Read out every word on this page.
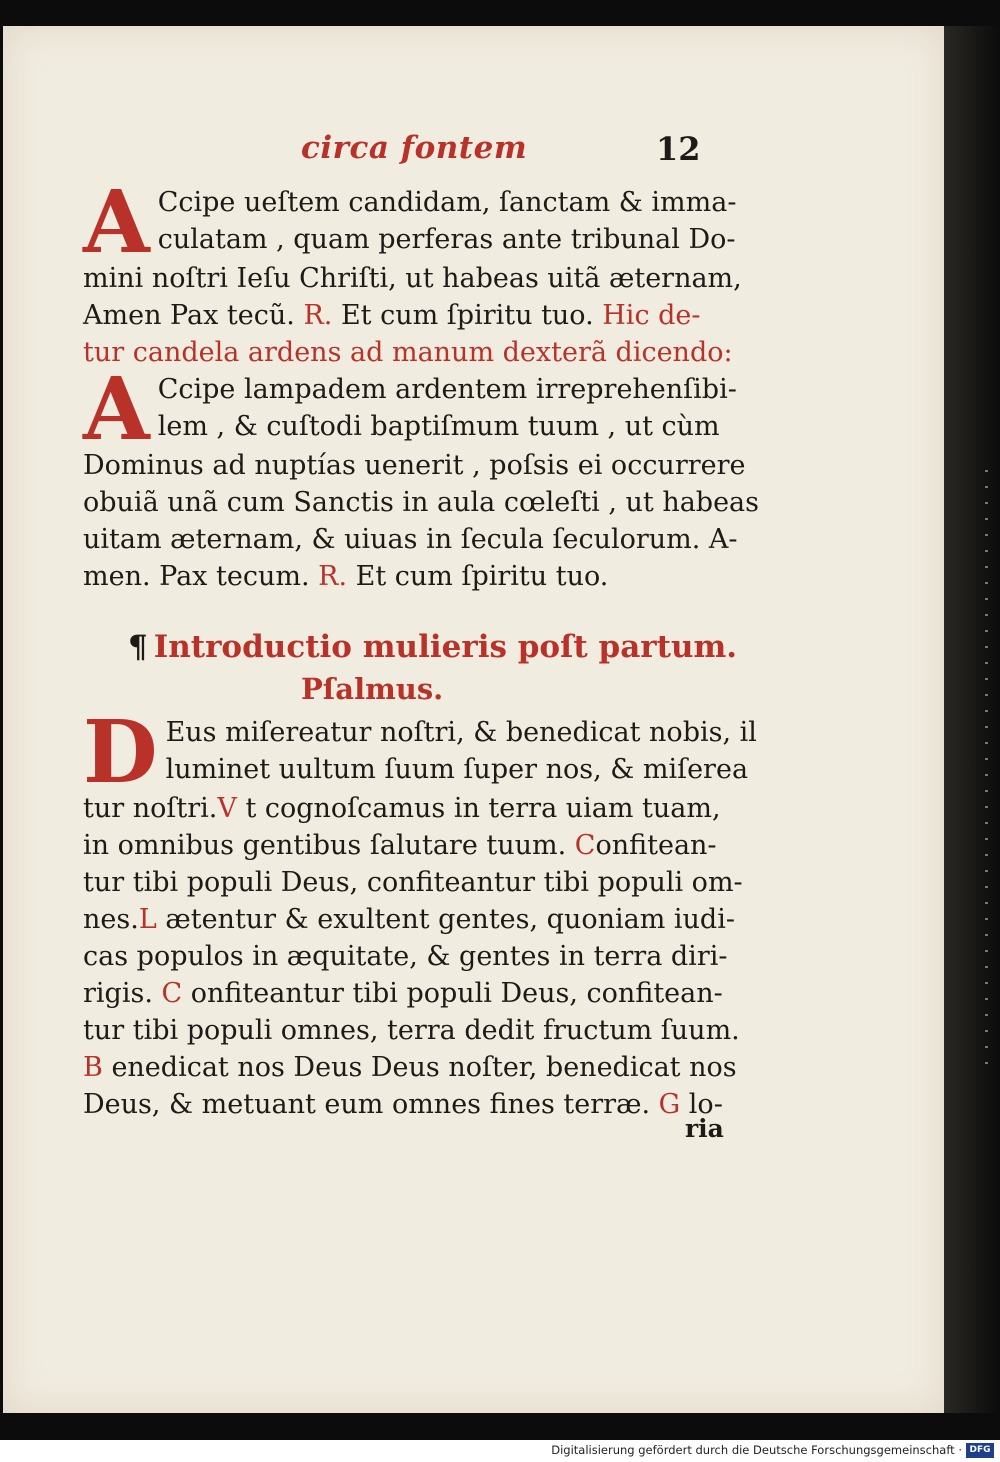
circa fontem	12
A Ccipe ueſtem candidam, ſanctam & imma-
culatam , quam perferas ante tribunal Do-
mini noſtri Ieſu Chriſti, ut habeas uitã æternam,
Amen Pax tecũ. R. Et cum ſpiritu tuo. Hic de-
tur candela ardens ad manum dexterã dicendo:
A Ccipe lampadem ardentem irreprehenſibi-
lem , & cuſtodi baptiſmum tuum , ut cùm
Dominus ad nuptías uenerit , poſsis ei occurrere
obuiã unã cum Sanctis in aula cœleſti , ut habeas
uitam æternam, & uiuas in ſecula ſeculorum. A-
men. Pax tecum. R. Et cum ſpiritu tuo.
¶ Introductio mulieris poſt partum.
Pſalmus.
D Eus miſereatur noſtri, & benedicat nobis, il
luminet uultum ſuum ſuper nos, & miſerea
tur noſtri.V t cognoſcamus in terra uiam tuam,
in omnibus gentibus ſalutare tuum. Confitean-
tur tibi populi Deus, confiteantur tibi populi om-
nes.L ætentur & exultent gentes, quoniam iudi-
cas populos in æquitate, & gentes in terra diri-
rigis. C onfiteantur tibi populi Deus, confitean-
tur tibi populi omnes, terra dedit fructum ſuum.
B enedicat nos Deus Deus noſter, benedicat nos
Deus, & metuant eum omnes fines terræ. G lo-
ria
Digitalisierung gefördert durch die Deutsche Forschungsgemeinschaft · DFG
